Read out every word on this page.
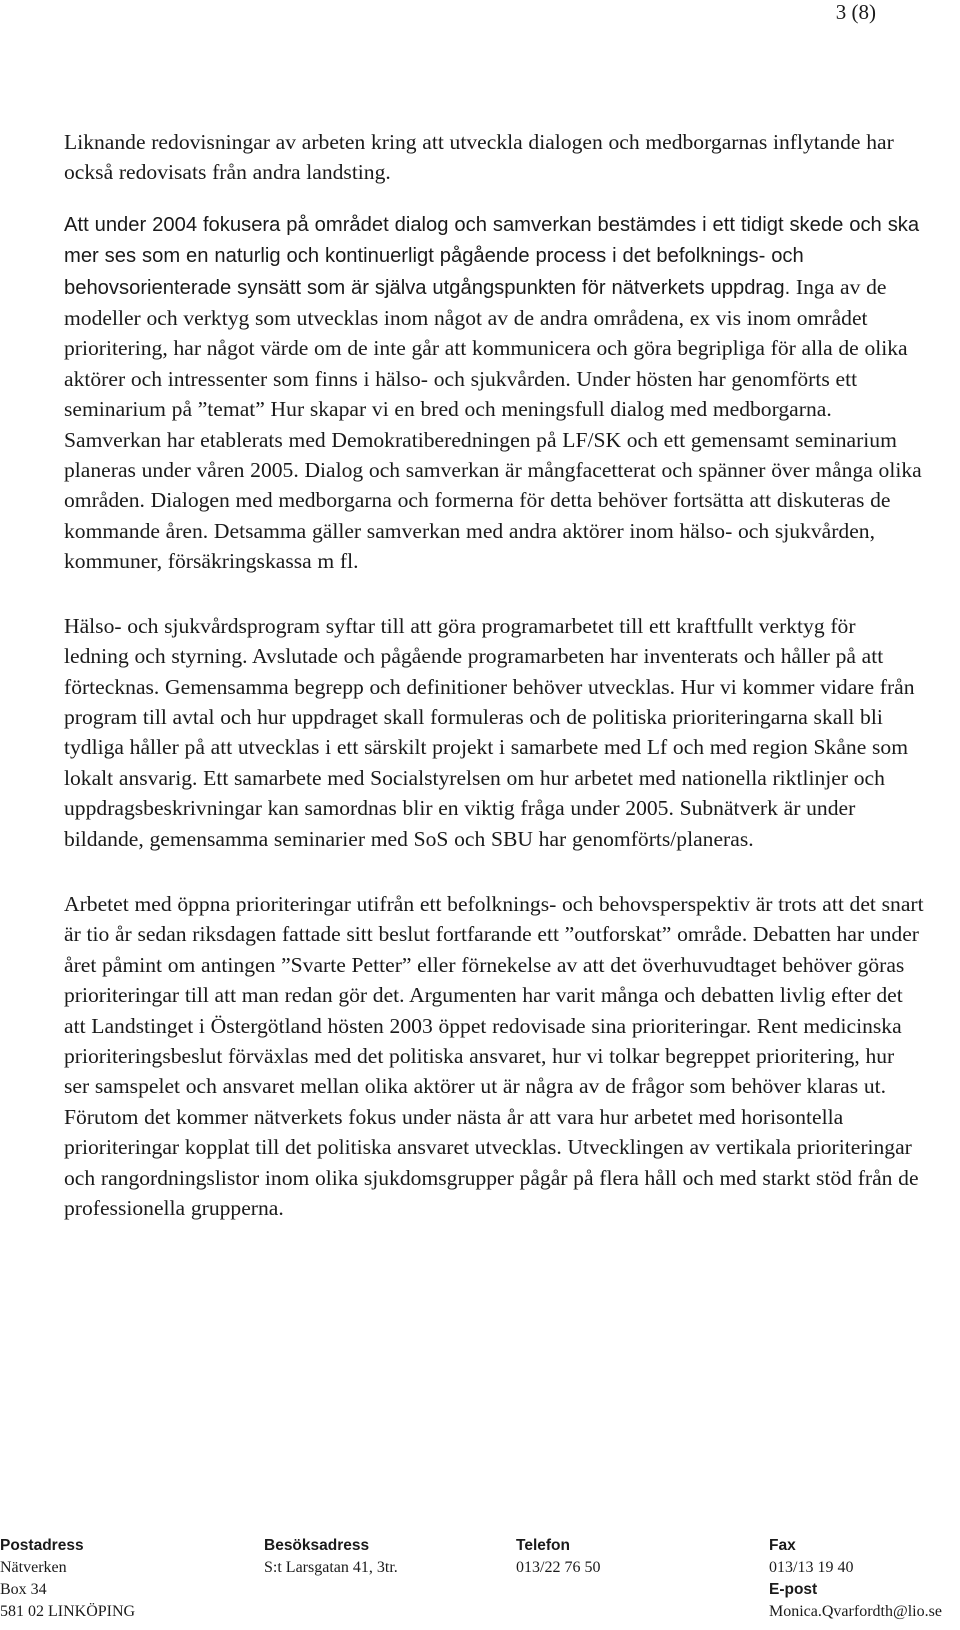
3 (8)

Liknande redovisningar av arbeten kring att utveckla dialogen och medborgarnas inflytande har också redovisats från andra landsting.

Att under 2004 fokusera på området dialog och samverkan bestämdes i ett tidigt skede och ska mer ses som en naturlig och kontinuerligt pågående process i det befolknings- och behovsorienterade synsätt som är själva utgångspunkten för nätverkets uppdrag. Inga av de modeller och verktyg som utvecklas inom något av de andra områdena, ex vis inom området prioritering, har något värde om de inte går att kommunicera och göra begripliga för alla de olika aktörer och intressenter som finns i hälso- och sjukvården. Under hösten har genomförts ett seminarium på ”temat” Hur skapar vi en bred och meningsfull dialog med medborgarna. Samverkan har etablerats med Demokratiberedningen på LF/SK och ett gemensamt seminarium planeras under våren 2005. Dialog och samverkan är mångfacetterat och spänner över många olika områden. Dialogen med medborgarna och formerna för detta behöver fortsätta att diskuteras de kommande åren. Detsamma gäller samverkan med andra aktörer inom hälso- och sjukvården, kommuner, försäkringskassa m fl.

Hälso- och sjukvårdsprogram syftar till att göra programarbetet till ett kraftfullt verktyg för ledning och styrning. Avslutade och pågående programarbeten har inventerats och håller på att förtecknas. Gemensamma begrepp och definitioner behöver utvecklas. Hur vi kommer vidare från program till avtal och hur uppdraget skall formuleras och de politiska prioriteringarna skall bli tydliga håller på att utvecklas i ett särskilt projekt i samarbete med Lf och med region Skåne som lokalt ansvarig. Ett samarbete med Socialstyrelsen om hur arbetet med nationella riktlinjer och uppdragsbeskrivningar kan samordnas blir en viktig fråga under 2005. Subnätverk är under bildande, gemensamma seminarier med SoS och SBU har genomförts/planeras.

Arbetet med öppna prioriteringar utifrån ett befolknings- och behovsperspektiv är trots att det snart är tio år sedan riksdagen fattade sitt beslut fortfarande ett ”outforskat” område. Debatten har under året påmint om antingen ”Svarte Petter” eller förnekelse av att det överhuvudtaget behöver göras prioriteringar till att man redan gör det. Argumenten har varit många och debatten livlig efter det att Landstinget i Östergötland hösten 2003 öppet redovisade sina prioriteringar. Rent medicinska prioriteringsbeslut förväxlas med det politiska ansvaret, hur vi tolkar begreppet prioritering, hur ser samspelet och ansvaret mellan olika aktörer ut är några av de frågor som behöver klaras ut. Förutom det kommer nätverkets fokus under nästa år att vara hur arbetet med horisontella prioriteringar kopplat till det politiska ansvaret utvecklas. Utvecklingen av vertikala prioriteringar och rangordningslistor inom olika sjukdomsgrupper pågår på flera håll och med starkt stöd från de professionella grupperna.

Postadress
Nätverken
Box 34
581 02 LINKÖPING
Besöksadress
S:t Larsgatan 41, 3tr.
Telefon
013/22 76 50
Fax
013/13 19 40
E-post
Monica.Qvarfordth@lio.se
